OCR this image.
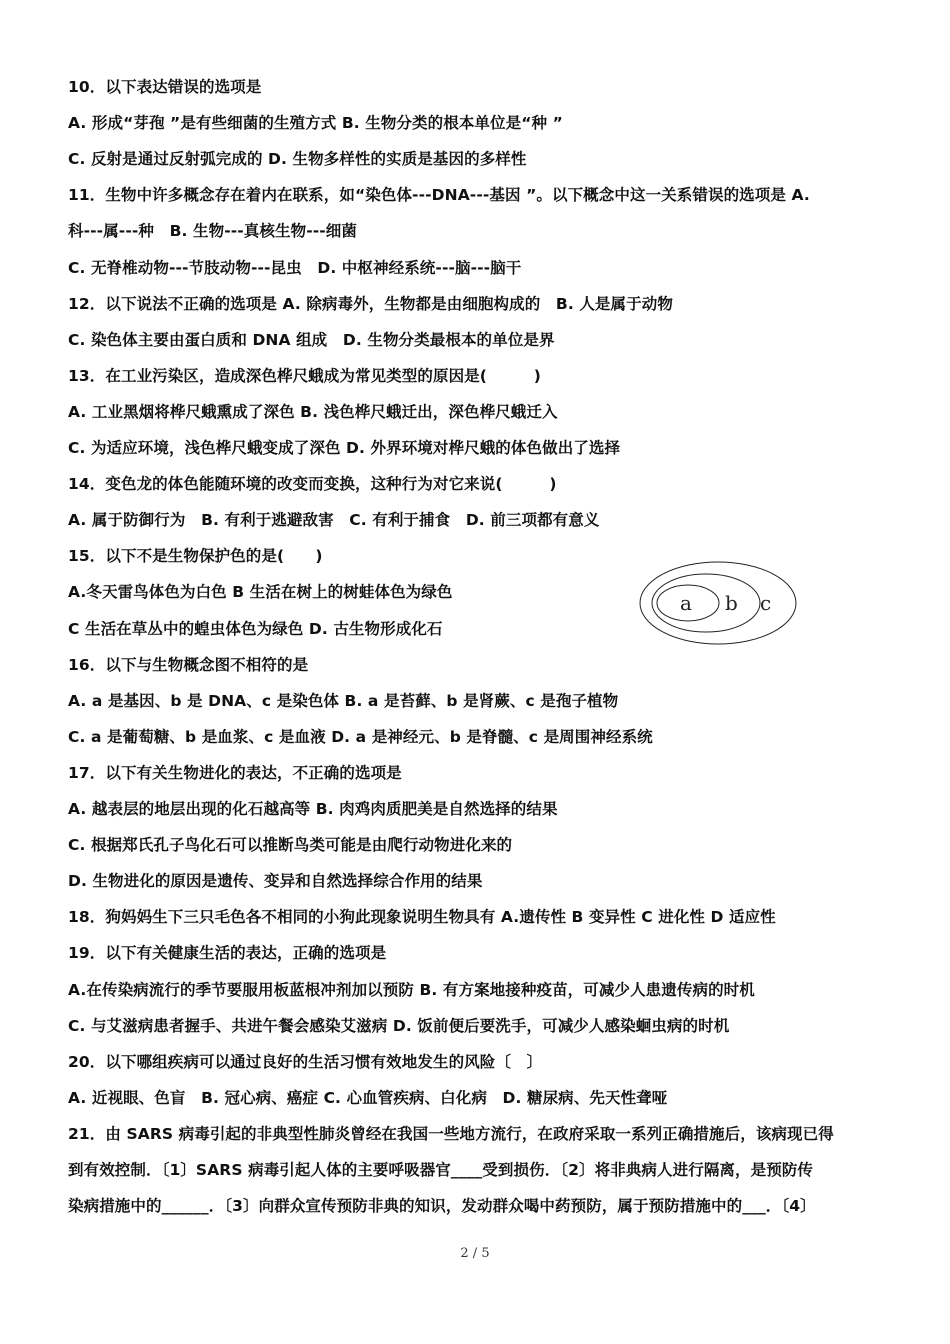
10．以下表达错误的选项是
A. 形成“芽孢 ”是有些细菌的生殖方式 B. 生物分类的根本单位是“种 ”
C. 反射是通过反射弧完成的 D. 生物多样性的实质是基因的多样性
11．生物中许多概念存在着内在联系，如“染色体---DNA---基因 ”。以下概念中这一关系错误的选项是 A.
科---属---种　B. 生物---真核生物---细菌
C. 无脊椎动物---节肢动物---昆虫　D. 中枢神经系统---脑---脑干
12．以下说法不正确的选项是 A. 除病毒外，生物都是由细胞构成的　B. 人是属于动物
C. 染色体主要由蛋白质和 DNA 组成　D. 生物分类最根本的单位是界
13．在工业污染区，造成深色桦尺蛾成为常见类型的原因是(　　　)
A. 工业黑烟将桦尺蛾熏成了深色 B. 浅色桦尺蛾迁出，深色桦尺蛾迁入
C. 为适应环境，浅色桦尺蛾变成了深色 D. 外界环境对桦尺蛾的体色做出了选择
14．变色龙的体色能随环境的改变而变换，这种行为对它来说(　　　)
A. 属于防御行为　B. 有利于逃避敌害　C. 有利于捕食　D. 前三项都有意义
15．以下不是生物保护色的是(　　)
A.冬天雷鸟体色为白色 B 生活在树上的树蛙体色为绿色
C 生活在草丛中的蝗虫体色为绿色 D. 古生物形成化石
16．以下与生物概念图不相符的是
A. a 是基因、b 是 DNA、c 是染色体 B. a 是苔藓、b 是肾蕨、c 是孢子植物
C. a 是葡萄糖、b 是血浆、c 是血液 D. a 是神经元、b 是脊髓、c 是周围神经系统
17．以下有关生物进化的表达，不正确的选项是
A. 越表层的地层出现的化石越高等 B. 肉鸡肉质肥美是自然选择的结果
C. 根据郑氏孔子鸟化石可以推断鸟类可能是由爬行动物进化来的
D. 生物进化的原因是遗传、变异和自然选择综合作用的结果
18．狗妈妈生下三只毛色各不相同的小狗此现象说明生物具有 A.遗传性 B 变异性 C 进化性 D 适应性
19．以下有关健康生活的表达，正确的选项是
A.在传染病流行的季节要服用板蓝根冲剂加以预防 B. 有方案地接种疫苗，可减少人患遗传病的时机
C. 与艾滋病患者握手、共进午餐会感染艾滋病 D. 饭前便后要洗手，可减少人感染蛔虫病的时机
20．以下哪组疾病可以通过良好的生活习惯有效地发生的风险〔　〕
A. 近视眼、色盲　B. 冠心病、癌症 C. 心血管疾病、白化病　D. 糖尿病、先天性聋哑
21．由 SARS 病毒引起的非典型性肺炎曾经在我国一些地方流行，在政府采取一系列正确措施后，该病现已得
到有效控制．〔1〕SARS 病毒引起人体的主要呼吸器官____受到损伤．〔2〕将非典病人进行隔离，是预防传
染病措施中的______．〔3〕向群众宣传预防非典的知识，发动群众喝中药预防，属于预防措施中的___．〔4〕
a b c
2 / 5
